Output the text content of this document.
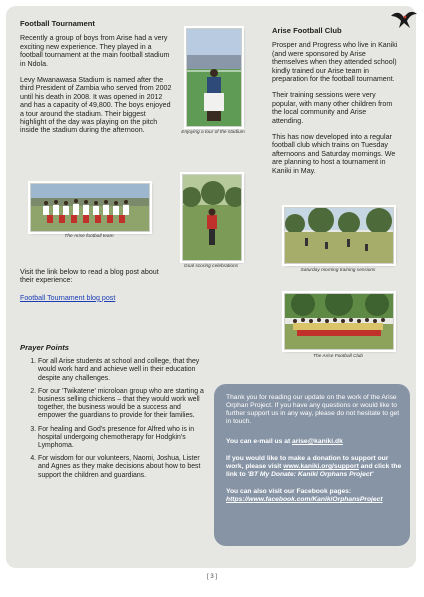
Football Tournament

Recently a group of boys from Arise had a very exciting new experience. They played in a football tournament at the main football stadium in Ndola.

Levy Mwanawasa Stadium is named after the third President of Zambia who served from 2002 until his death in 2008. It was opened in 2012 and has a capacity of 49,800. The boys enjoyed a tour around the stadium. Their biggest highlight of the day was playing on the pitch inside the stadium during the afternoon.

The Arise football team

Visit the link below to read a blog post about their experience:

Football Tournament blog post
Enjoying a tour of the stadium
Goal scoring celebrations
Arise Football Club

Prosper and Progress who live in Kaniki (and were sponsored by Arise themselves when they attended school) kindly trained our Arise team in preparation for the football tournament.

Their training sessions were very popular, with many other children from the local community and Arise attending.

This has now developed into a regular football club which trains on Tuesday afternoons and Saturday mornings. We are planning to host a tournament in Kaniki in May.

Saturday morning training sessions
The Arise Football Club
Prayer Points
1. For all Arise students at school and college, that they would work hard and achieve well in their education despite any challenges.
2. For our 'Twikatene' microloan group who are starting a business selling chickens – that they would work well together, the business would be a success and empower the guardians to provide for their families.
3. For healing and God's presence for Alfred who is in hospital undergoing chemotherapy for Hodgkin's Lymphoma.
4. For wisdom for our volunteers, Naomi, Joshua, Lister and Agnes as they make decisions about how to best support the children and guardians.

Thank you for reading our update on the work of the Arise Orphan Project. If you have any questions or would like to further support us in any way, please do not hesitate to get in touch.

You can e-mail us at arise@kaniki.dk

If you would like to make a donation to support our work, please visit www.kaniki.org/support and click the link to 'BT My Donate: Kaniki Orphans Project'

You can also visit our Facebook pages:
https://www.facebook.com/KanikiOrphansProject

[ 3 ]
